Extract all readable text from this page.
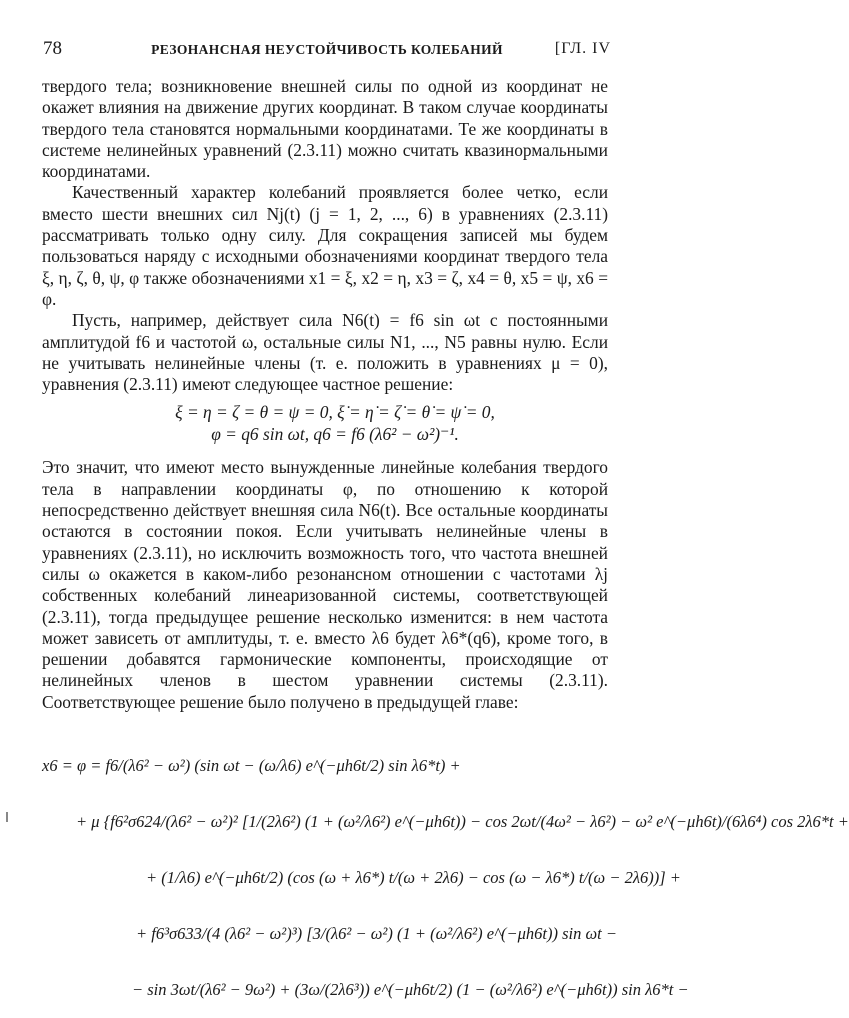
78	РЕЗОНАНСНАЯ НЕУСТОЙЧИВОСТЬ КОЛЕБАНИЙ	[ГЛ. IV

твердого тела; возникновение внешней силы по одной из координат не окажет влияния на движение других координат. В таком случае координаты твердого тела становятся нормальными координатами. Те же координаты в системе нелинейных уравнений (2.3.11) можно считать квазинормальными координатами.

Качественный характер колебаний проявляется более четко, если вместо шести внешних сил Nj(t) (j = 1, 2, ..., 6) в уравнениях (2.3.11) рассматривать только одну силу. Для сокращения записей мы будем пользоваться наряду с исходными обозначениями координат твердого тела ξ, η, ζ, θ, ψ, φ также обозначениями x1 = ξ, x2 = η, x3 = ζ, x4 = θ, x5 = ψ, x6 = φ.

Пусть, например, действует сила N6(t) = f6 sin ωt с постоянными амплитудой f6 и частотой ω, остальные силы N1, ..., N5 равны нулю. Если не учитывать нелинейные члены (т. е. положить в уравнениях μ = 0), уравнения (2.3.11) имеют следующее частное решение:

ξ = η = ζ = θ = ψ = 0, ξ̇ = η̇ = ζ̇ = θ̇ = ψ̇ = 0,
φ = q6 sin ωt, q6 = f6 (λ6² − ω²)⁻¹.

Это значит, что имеют место вынужденные линейные колебания твердого тела в направлении координаты φ, по отношению к которой непосредственно действует внешняя сила N6(t). Все остальные координаты остаются в состоянии покоя. Если учитывать нелинейные члены в уравнениях (2.3.11), но исключить возможность того, что частота внешней силы ω окажется в каком-либо резонансном отношении с частотами λj собственных колебаний линеаризованной системы, соответствующей (2.3.11), тогда предыдущее решение несколько изменится: в нем частота может зависеть от амплитуды, т. е. вместо λ6 будет λ6*(q6), кроме того, в решении добавятся гармонические компоненты, происходящие от нелинейных членов в шестом уравнении системы (2.3.11). Соответствующее решение было получено в предыдущей главе:

x6 = φ = f6/(λ6² − ω²) (sin ωt − (ω/λ6) e^(−μh6t/2) sin λ6*t) +
+ μ {f6²σ624/(λ6² − ω²)² [1/(2λ6²) (1 + (ω²/λ6²) e^(−μh6t)) − cos 2ωt/(4ω² − λ6²) − ω² e^(−μh6t)/(6λ6⁴) cos 2λ6*t +
+ (1/λ6) e^(−μh6t/2) (cos (ω + λ6*) t/(ω + 2λ6) − cos (ω − λ6*) t/(ω − 2λ6))] +
+ f6³σ633/(4 (λ6² − ω²)³) [3/(λ6² − ω²) (1 + (ω²/λ6²) e^(−μh6t)) sin ωt −
− sin 3ωt/(λ6² − 9ω²) + (3ω/(2λ6³)) e^(−μh6t/2) (1 − (ω²/λ6²) e^(−μh6t)) sin λ6*t −
